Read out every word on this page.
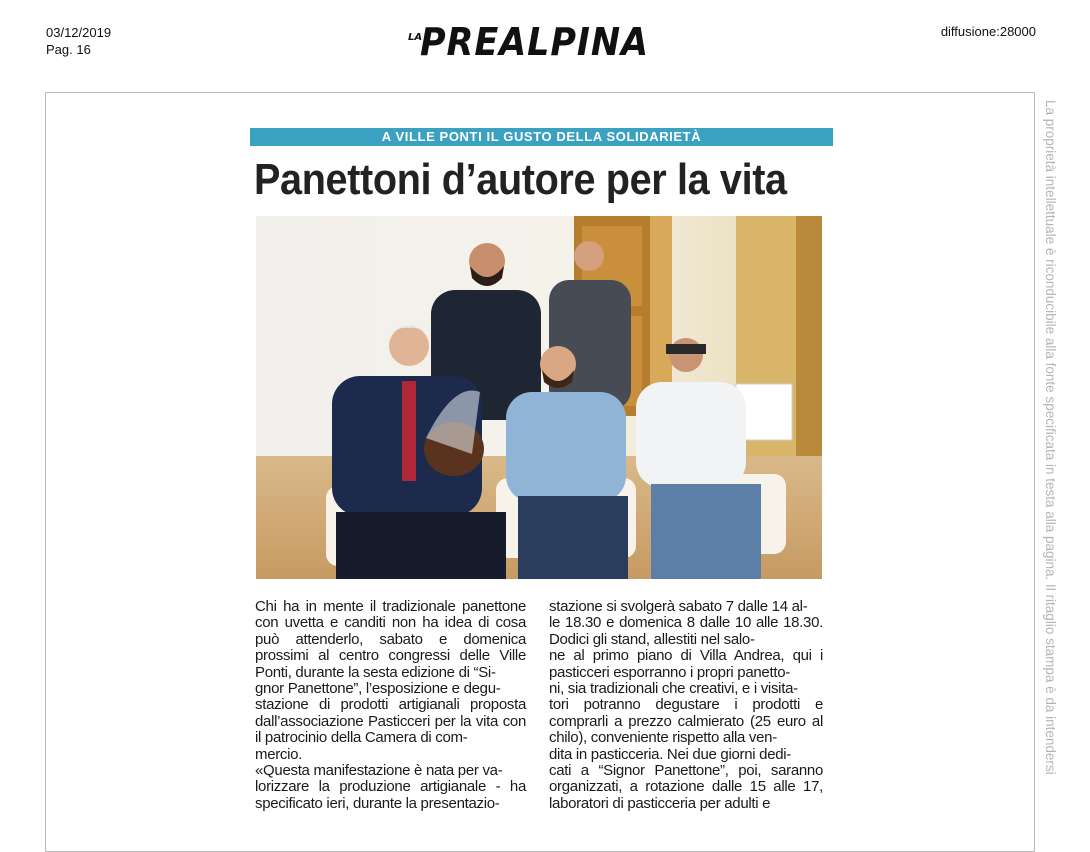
03/12/2019
Pag. 16
LA
PREALPINA	diffusione:28000
La proprietà intellettuale è riconducibile alla fonte specificata in testa alla pagina. Il ritaglio stampa è da intendersi
A VILLE PONTI IL GUSTO DELLA SOLIDARIETÀ
Panettoni d’autore per la vita

Chi ha in mente il tradizionale panettone con uvetta e canditi non ha idea di cosa può attenderlo, sabato e domenica prossimi al centro congressi delle Ville Ponti, durante la sesta edizione di “Si-
gnor Panettone”, l’esposizione e degu-
stazione di prodotti artigianali proposta dall’associazione Pasticceri per la vita con il patrocinio della Camera di com-
mercio.

«Questa manifestazione è nata per va-
lorizzare la produzione artigianale - ha specificato ieri, durante la presentazio-

stazione si svolgerà sabato 7 dalle 14 al-
le 18.30 e domenica 8 dalle 10 alle 18.30. Dodici gli stand, allestiti nel salo-
ne al primo piano di Villa Andrea, qui i pasticceri esporranno i propri panetto-
ni, sia tradizionali che creativi, e i visita-
tori potranno degustare i prodotti e comprarli a prezzo calmierato (25 euro al chilo), conveniente rispetto alla ven-
dita in pasticceria. Nei due giorni dedi-
cati a “Signor Panettone”, poi, saranno organizzati, a rotazione dalle 15 alle 17, laboratori di pasticceria per adulti e
